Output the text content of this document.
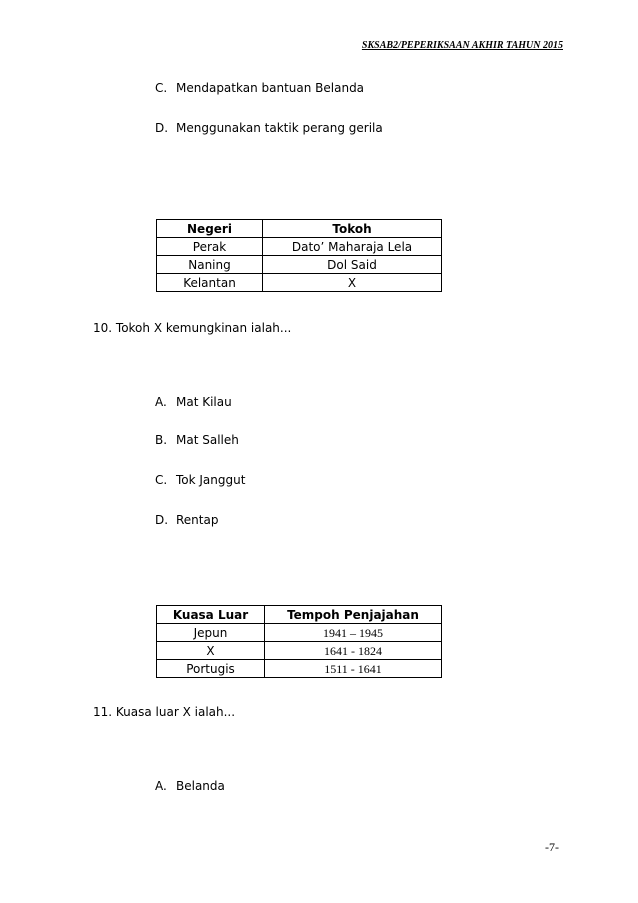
SKSAB2/PEPERIKSAAN AKHIR TAHUN 2015
C. Mendapatkan bantuan Belanda
D. Menggunakan taktik perang gerila
Negeri	Tokoh
Perak	Dato’ Maharaja Lela
Naning	Dol Said
Kelantan	X
10. Tokoh X kemungkinan ialah...
A. Mat Kilau
B. Mat Salleh
C. Tok Janggut
D. Rentap
Kuasa Luar	Tempoh Penjajahan
Jepun	1941 – 1945
X	1641 - 1824
Portugis	1511 - 1641
11. Kuasa luar X ialah...
A. Belanda
-7-
